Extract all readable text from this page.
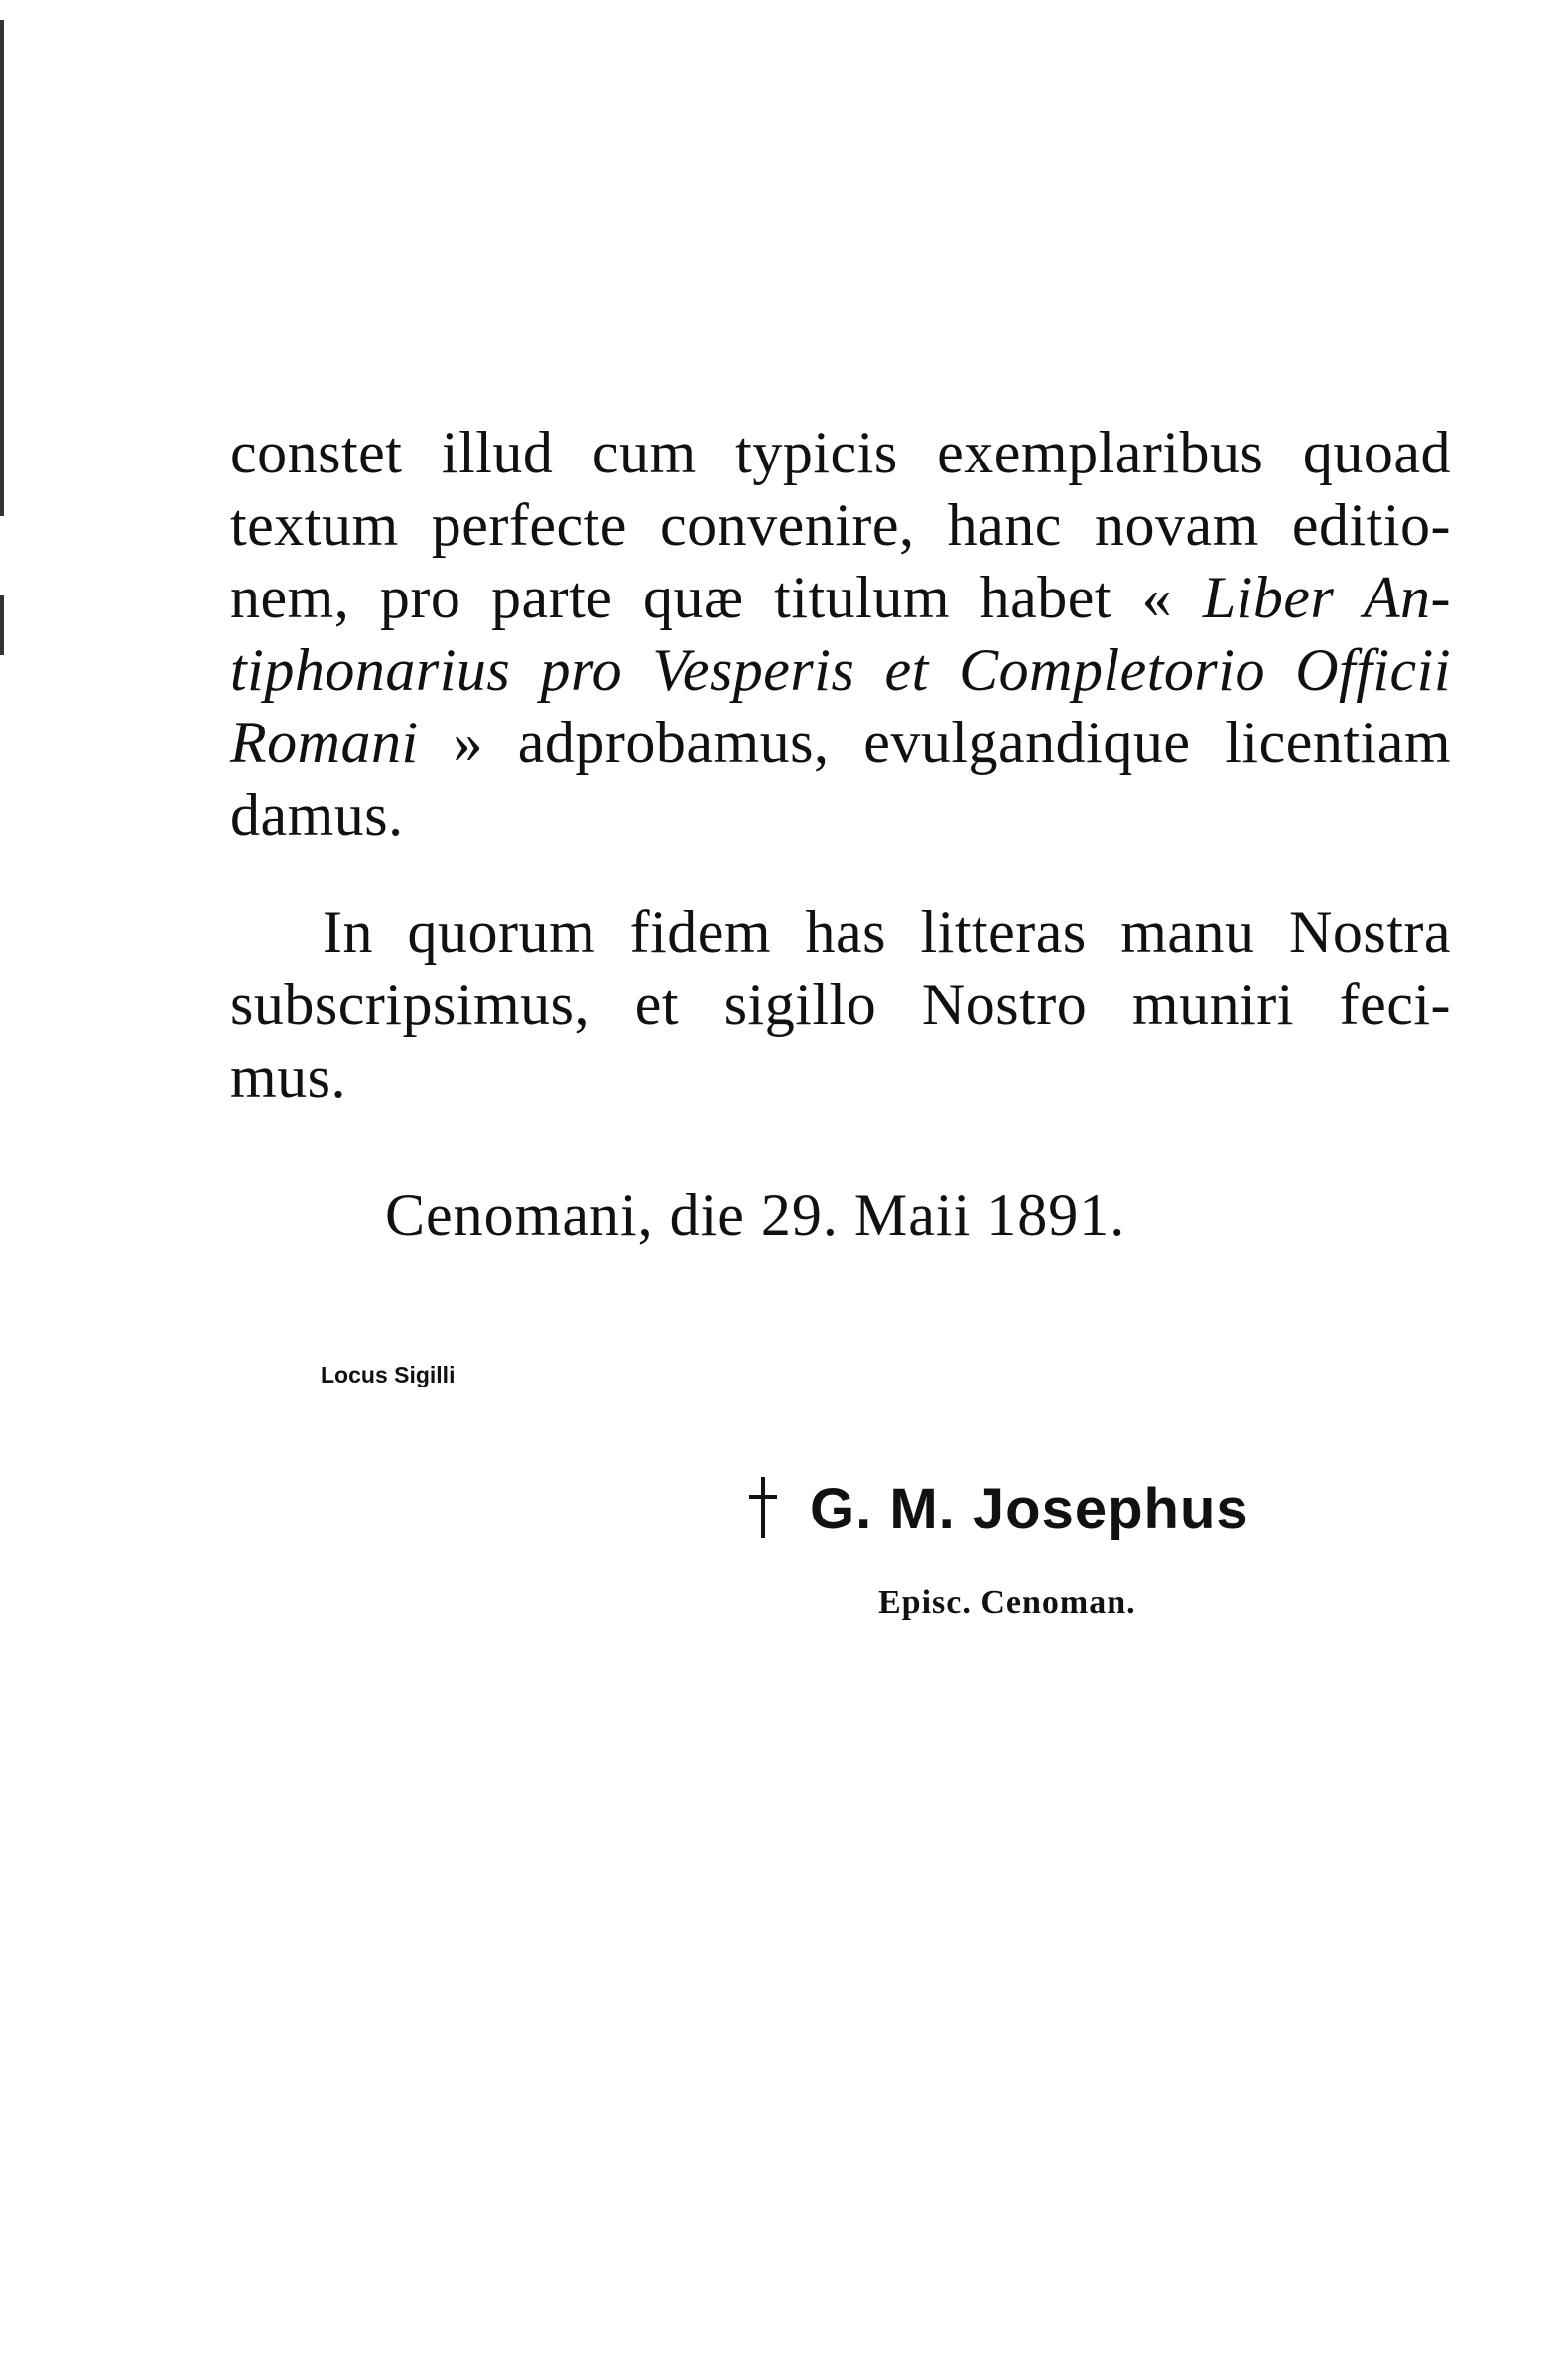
constet illud cum typicis exemplaribus quoad
textum perfecte convenire, hanc novam editio-
nem, pro parte quæ titulum habet « Liber An-
tiphonarius pro Vesperis et Completorio Officii
Romani » adprobamus, evulgandique licentiam
damus.

In quorum fidem has litteras manu Nostra
subscripsimus, et sigillo Nostro muniri feci-
mus.

Cenomani, die 29. Maii 1891.

Locus Sigilli
G. M. Josephus
Episc. Cenoman.
